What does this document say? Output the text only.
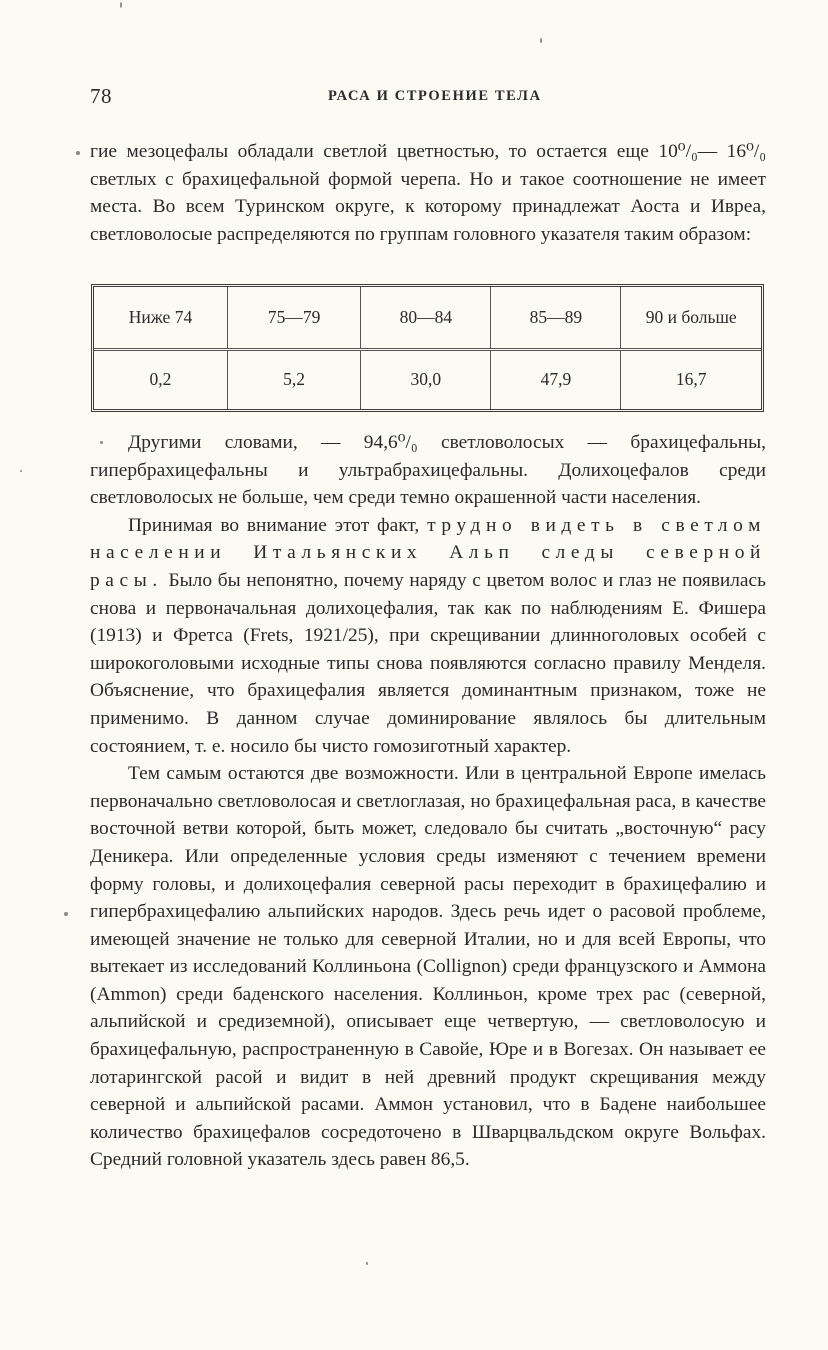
78	РАСА И СТРОЕНИЕ ТЕЛА

гие мезоцефалы обладали светлой цветностью, то остается еще 10⁰/₀— 16⁰/₀ светлых с брахицефальной формой черепа. Но и такое соотношение не имеет места. Во всем Туринском округе, к которому принадлежат Аоста и Ивреа, светловолосые распределяются по группам головного указателя таким образом:

Ниже 74	75—79	80—84	85—89	90 и больше
0,2	5,2	30,0	47,9	16,7

Другими словами, — 94,6⁰/₀ светловолосых — брахицефальны, гипербрахицефальны и ультрабрахицефальны. Долихоцефалов среди светловолосых не больше, чем среди темно окрашенной части населения.

Принимая во внимание этот факт, трудно видеть в светлом населении Итальянских Альп следы северной расы. Было бы непонятно, почему наряду с цветом волос и глаз не появилась снова и первоначальная долихоцефалия, так как по наблюдениям Е. Фишера (1913) и Фретса (Frets, 1921/25), при скрещивании длинноголовых особей с широкоголовыми исходные типы снова появляются согласно правилу Менделя. Объяснение, что брахицефалия является доминантным признаком, тоже не применимо. В данном случае доминирование являлось бы длительным состоянием, т. е. носило бы чисто гомозиготный характер.

Тем самым остаются две возможности. Или в центральной Европе имелась первоначально светловолосая и светлоглазая, но брахицефальная раса, в качестве восточной ветви которой, быть может, следовало бы считать „восточную“ расу Деникера. Или определенные условия среды изменяют с течением времени форму головы, и долихоцефалия северной расы переходит в брахицефалию и гипербрахицефалию альпийских народов. Здесь речь идет о расовой проблеме, имеющей значение не только для северной Италии, но и для всей Европы, что вытекает из исследований Коллиньона (Collignon) среди французского и Аммона (Ammon) среди баденского населения. Коллиньон, кроме трех рас (северной, альпийской и средиземной), описывает еще четвертую, — светловолосую и брахицефальную, распространенную в Савойе, Юре и в Вогезах. Он называет ее лотарингской расой и видит в ней древний продукт скрещивания между северной и альпийской расами. Аммон установил, что в Бадене наибольшее количество брахицефалов сосредоточено в Шварцвальдском округе Вольфах. Средний головной указатель здесь равен 86,5.
